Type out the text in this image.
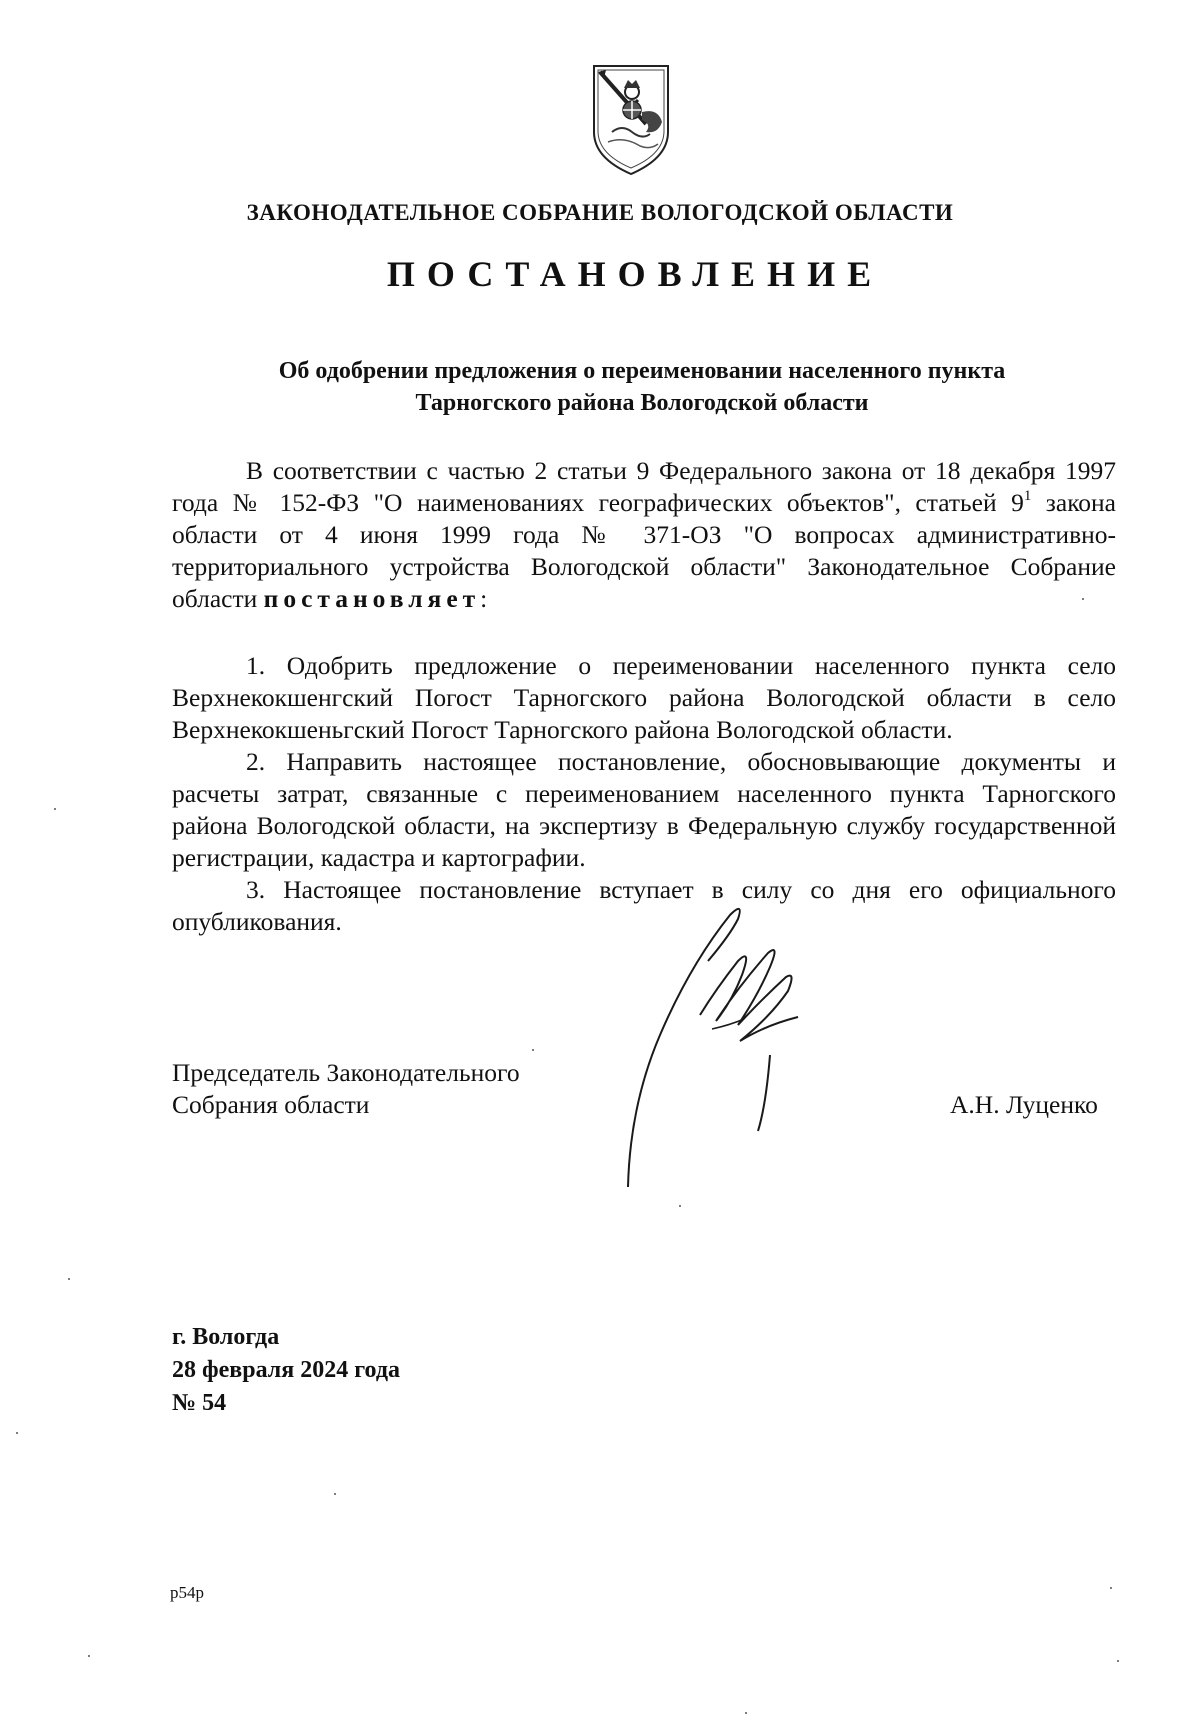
ЗАКОНОДАТЕЛЬНОЕ СОБРАНИЕ ВОЛОГОДСКОЙ ОБЛАСТИ
ПОСТАНОВЛЕНИЕ
Об одобрении предложения о переименовании населенного пункта
Тарногского района Вологодской области

В соответствии с частью 2 статьи 9 Федерального закона от 18 декабря 1997 года № 152-ФЗ "О наименованиях географических объектов", статьей $9^1$ закона области от 4 июня 1999 года № 371-ОЗ "О вопросах административно-территориального устройства Вологодской области" Законодательное Собрание области постановляет:

1. Одобрить предложение о переименовании населенного пункта село Верхнекокшенгский Погост Тарногского района Вологодской области в село Верхнекокшеньгский Погост Тарногского района Вологодской области.

2. Направить настоящее постановление, обосновывающие документы и расчеты затрат, связанные с переименованием населенного пункта Тарногского района Вологодской области, на экспертизу в Федеральную службу государственной регистрации, кадастра и картографии.

3. Настоящее постановление вступает в силу со дня его официального опубликования.

Председатель Законодательного
Собрания области	А.Н. Луценко
г. Вологда
28 февраля 2024 года
№ 54
p54p
